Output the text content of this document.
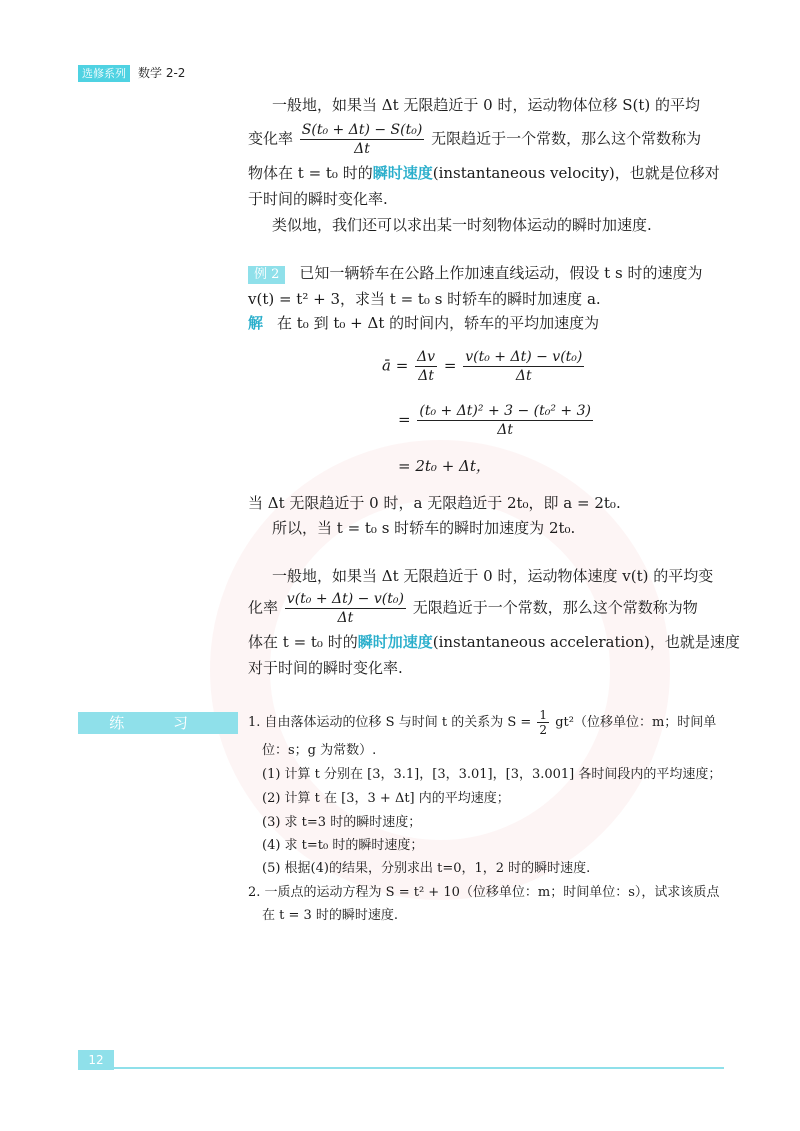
选修系列	数学 2-2
一般地，如果当 Δt 无限趋近于 0 时，运动物体位移 S(t) 的平均
变化率 $\frac{\text{S(t₀ + Δt) − S(t₀)}}{\Delta t}$ 无限趋近于一个常数，那么这个常数称为
物体在 t = t₀ 时的瞬时速度(instantaneous velocity)，也就是位移对
于时间的瞬时变化率.
类似地，我们还可以求出某一时刻物体运动的瞬时加速度.
例 2 已知一辆轿车在公路上作加速直线运动，假设 t s 时的速度为
v(t) = t² + 3，求当 t = t₀ s 时轿车的瞬时加速度 a.
解 在 t₀ 到 t₀ + Δt 的时间内，轿车的平均加速度为
ā = $\frac{\Delta v}{\Delta t} = \frac{\text{v(t₀ + Δt) − v(t₀)}}{\Delta t}$
= $\frac{\text{(t₀ + Δt)² + 3 − (t₀² + 3)}}{\Delta t}$
= 2t₀ + Δt，
当 Δt 无限趋近于 0 时，a 无限趋近于 2t₀，即 a = 2t₀.
所以，当 t = t₀ s 时轿车的瞬时加速度为 2t₀.
一般地，如果当 Δt 无限趋近于 0 时，运动物体速度 v(t) 的平均变
化率 $\frac{\text{v(t₀ + Δt) − v(t₀)}}{\Delta t}$ 无限趋近于一个常数，那么这个常数称为物
体在 t = t₀ 时的瞬时加速度(instantaneous acceleration)，也就是速度
对于时间的瞬时变化率.
练 习	1. 自由落体运动的位移 S 与时间 t 的关系为 $S = \frac{1}{2} gt^2$（位移单位：m；时间单
位：s；g 为常数）.
(1) 计算 t 分别在 [3，3.1]，[3，3.01]，[3，3.001] 各时间段内的平均速度；
(2) 计算 t 在 [3，3 + Δt] 内的平均速度；
(3) 求 t=3 时的瞬时速度；
(4) 求 t=t₀ 时的瞬时速度；
(5) 根据(4)的结果，分别求出 t=0，1，2 时的瞬时速度.
2. 一质点的运动方程为 S = t² + 10（位移单位：m；时间单位：s），试求该质点
在 t = 3 时的瞬时速度.
12
